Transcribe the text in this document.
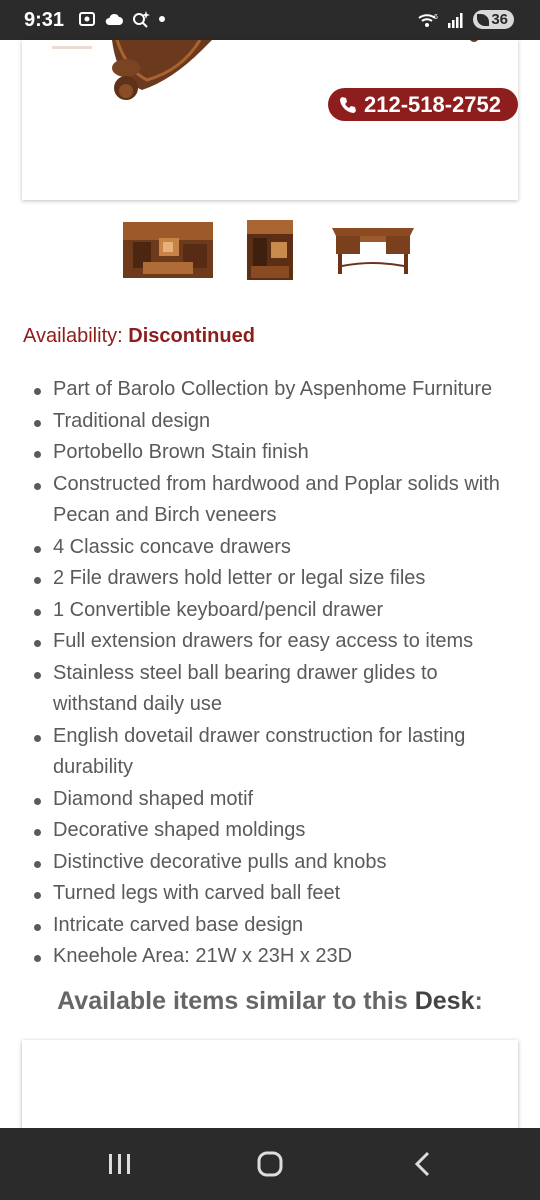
9:31	6	36
212-518-2752
Availability: Discontinued
Part of Barolo Collection by Aspenhome Furniture
Traditional design
Portobello Brown Stain finish
Constructed from hardwood and Poplar solids with Pecan and Birch veneers
4 Classic concave drawers
2 File drawers hold letter or legal size files
1 Convertible keyboard/pencil drawer
Full extension drawers for easy access to items
Stainless steel ball bearing drawer glides to withstand daily use
English dovetail drawer construction for lasting durability
Diamond shaped motif
Decorative shaped moldings
Distinctive decorative pulls and knobs
Turned legs with carved ball feet
Intricate carved base design
Kneehole Area: 21W x 23H x 23D
Available items similar to this Desk:
